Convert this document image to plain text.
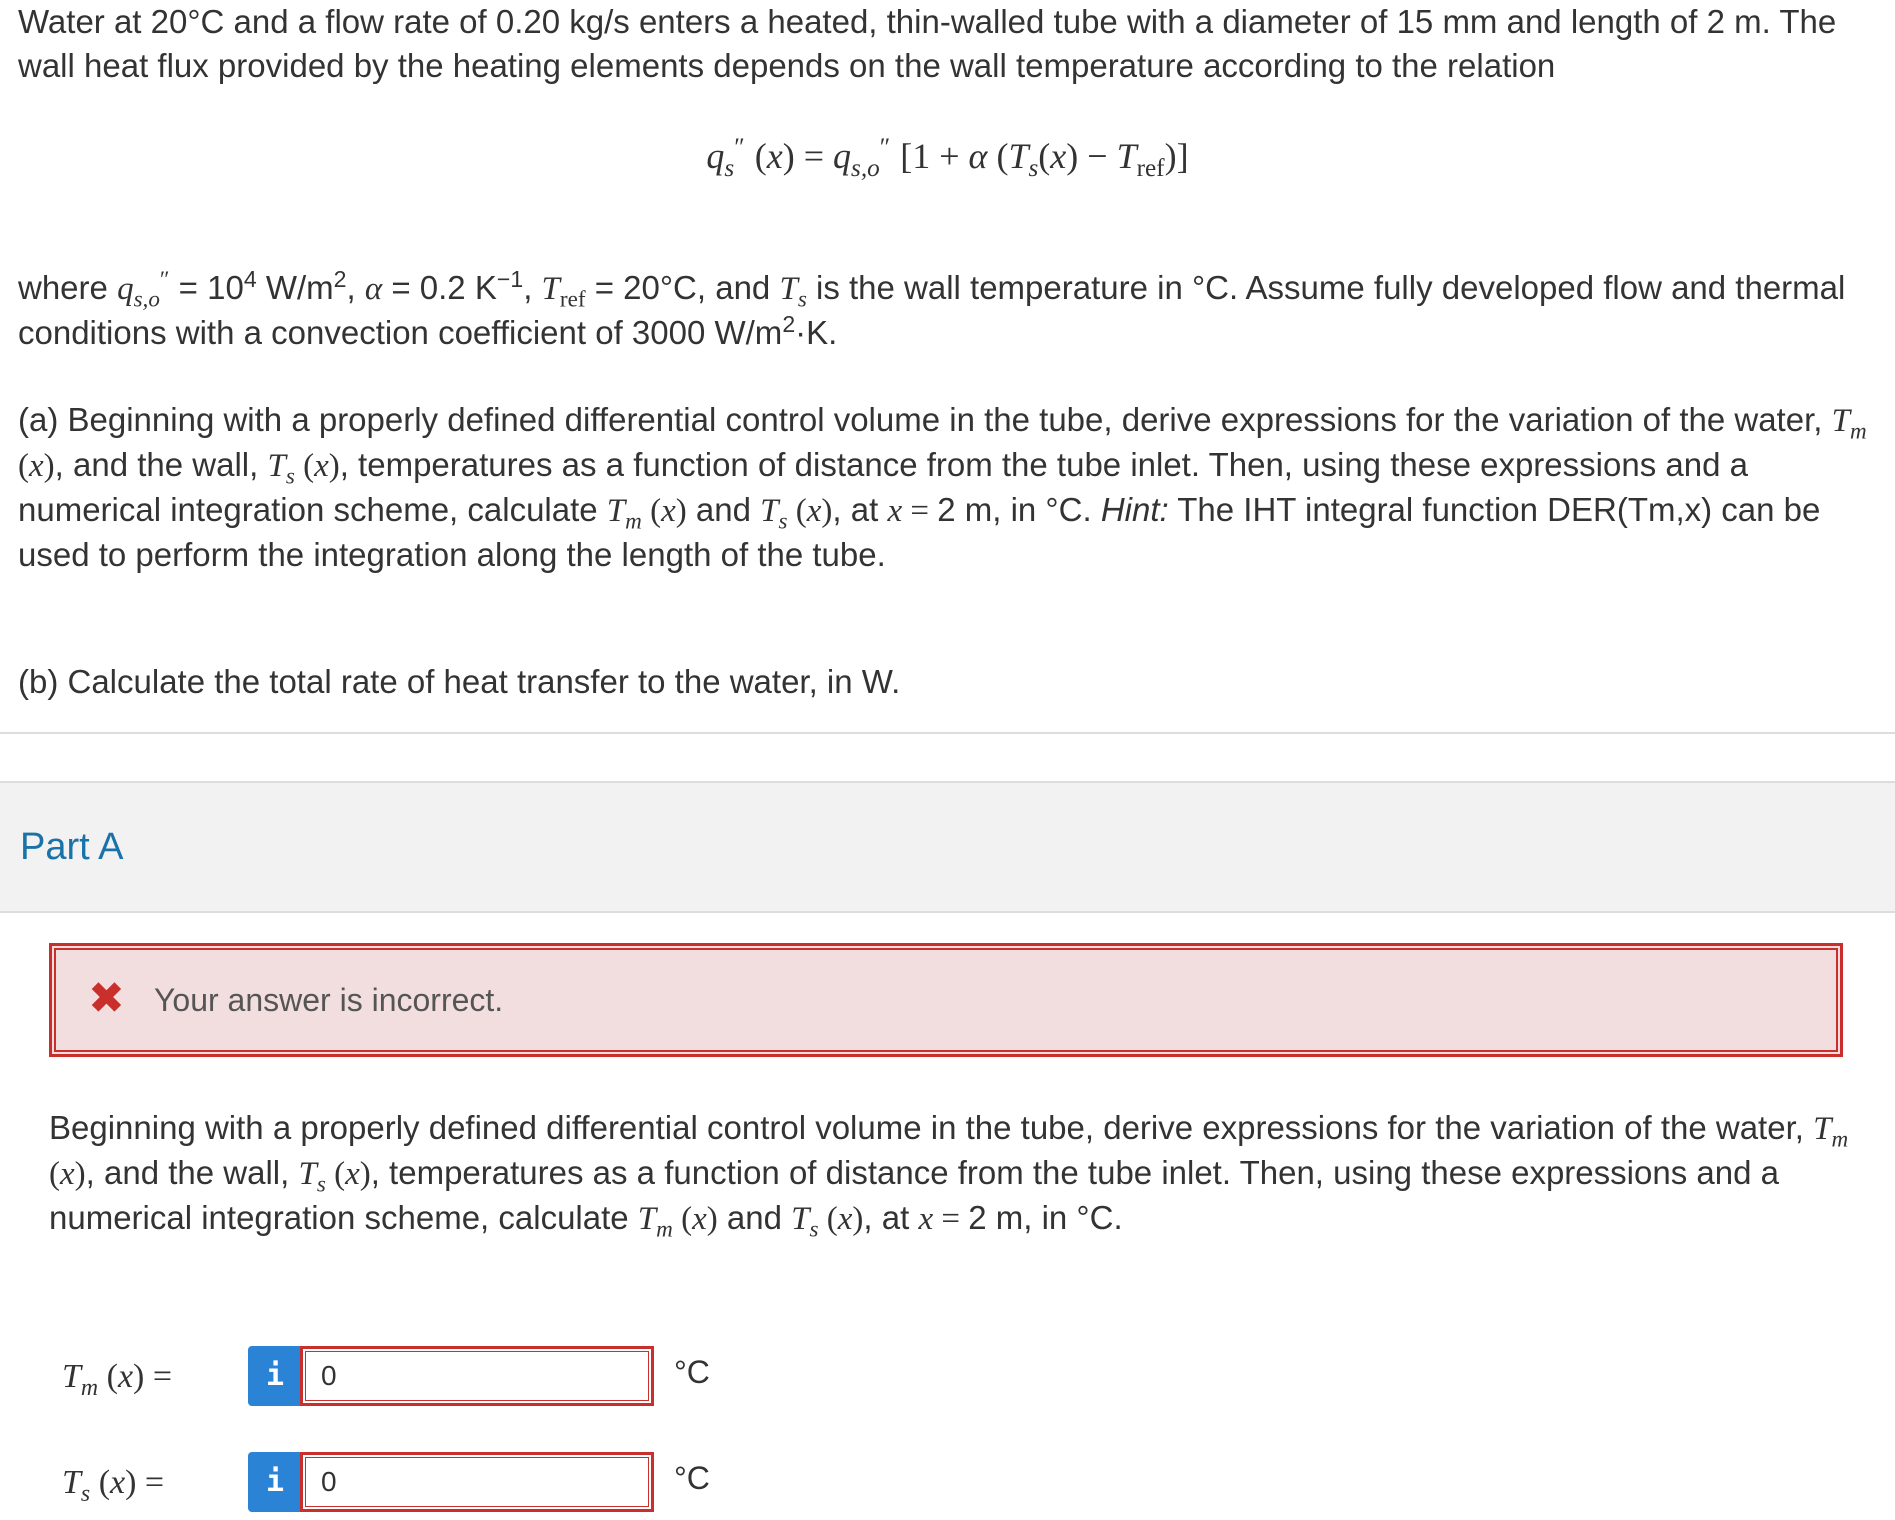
Water at 20°C and a flow rate of 0.20 kg/s enters a heated, thin-walled tube with a diameter of 15 mm and length of 2 m. The wall heat flux provided by the heating elements depends on the wall temperature according to the relation

$q_s''$ $(x) = q_{s,o}''$ [1 + α $(T_s(x) - T_{ref})$]

where $q_{s,o}'' = 10^4$ $W/m^2$, α = 0.2 $K^{-1}$, $T_{ref} = 20^\circ C$, and $T_s$ is the wall temperature in °C. Assume fully developed flow and thermal conditions with a convection coefficient of 3000 $W/m^2\cdot K$.

(a) Beginning with a properly defined differential control volume in the tube, derive expressions for the variation of the water, $T_m$ (x), and the wall, $T_s$ (x), temperatures as a function of distance from the tube inlet. Then, using these expressions and a numerical integration scheme, calculate $T_m$ (x) and $T_s$ (x), at x = 2 m, in °C. Hint: The IHT integral function DER(Tm,x) can be used to perform the integration along the length of the tube.

(b) Calculate the total rate of heat transfer to the water, in W.

Part A
✖ Your answer is incorrect.

Beginning with a properly defined differential control volume in the tube, derive expressions for the variation of the water, $T_m$ (x), and the wall, $T_s$ (x), temperatures as a function of distance from the tube inlet. Then, using these expressions and a numerical integration scheme, calculate $T_m$ (x) and $T_s$ (x), at x = 2 m, in °C.

$T_m$ (x) =	i
0	°C
$T_s$ (x) =	i
0	°C
